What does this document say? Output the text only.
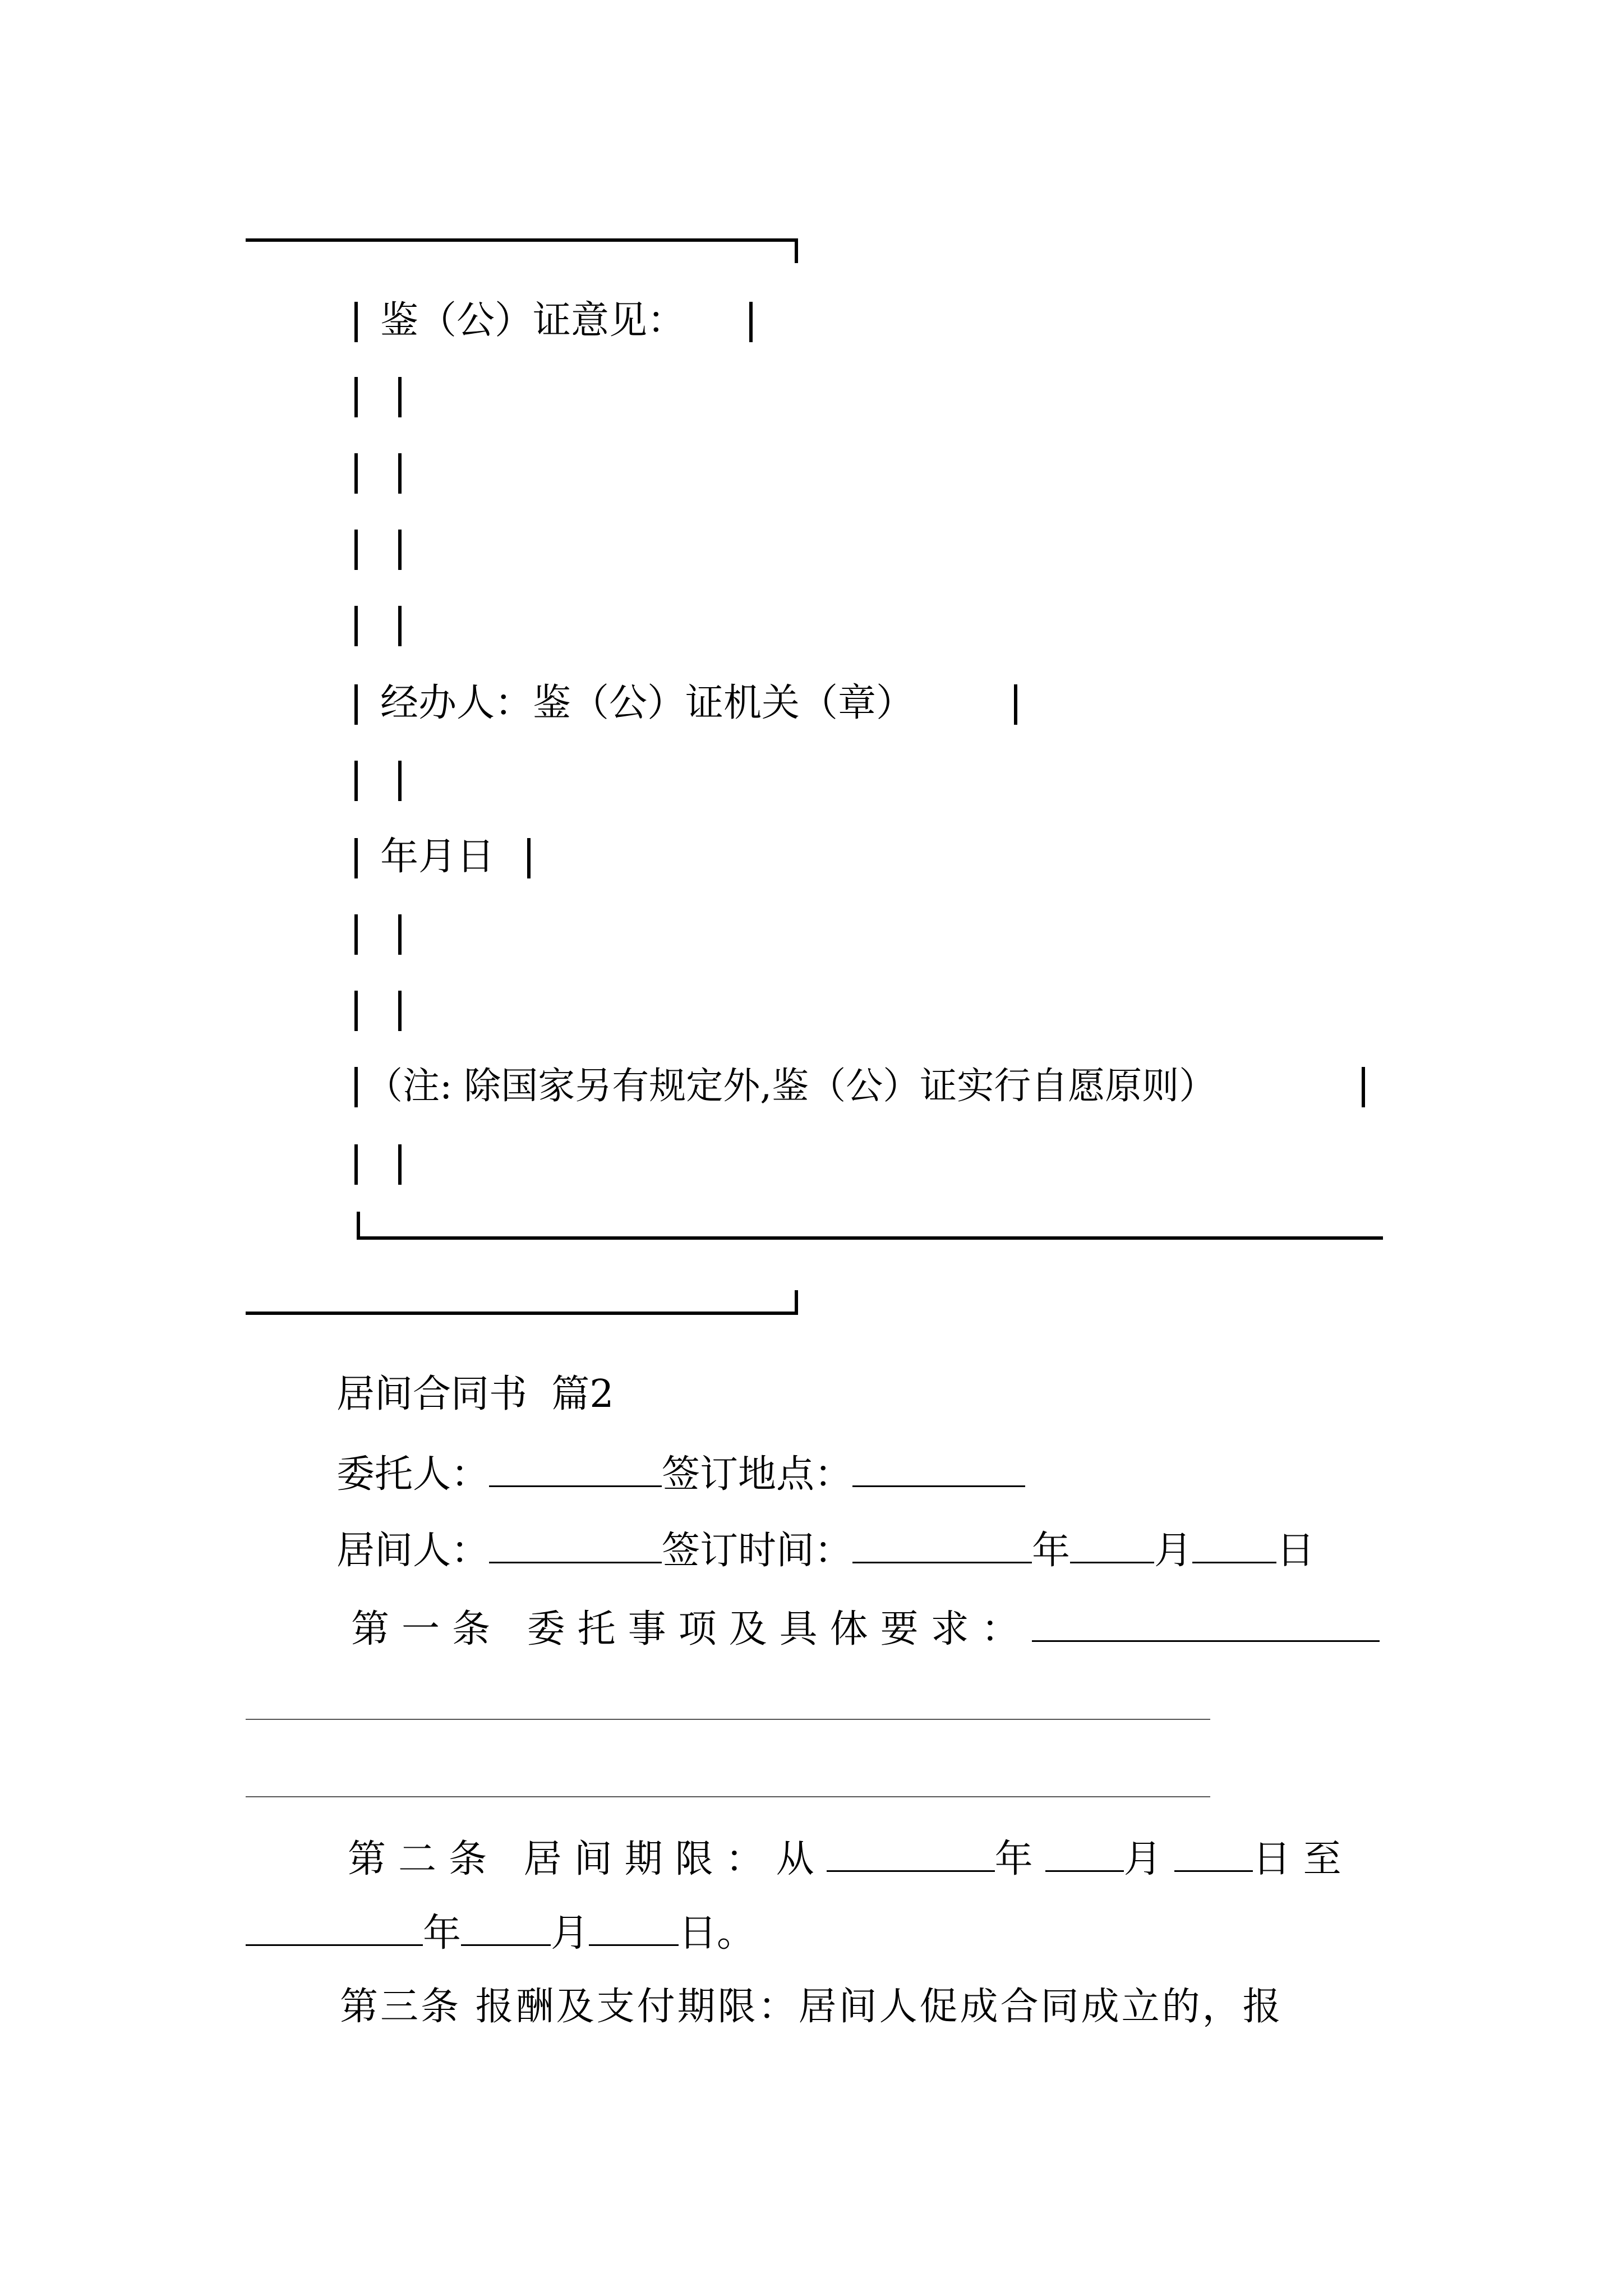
鉴（公）证意见：
经办人：鉴（公）证机关（章）
年月日
（注: 除国家另有规定外,鉴（公）证实行自愿原则）
居间合同书 篇2
委托人：	签订地点：
居间人：	签订时间：	年 月 日
第一条 委托事项及具体要求：
第二条 居间期限：从	年 月 日至
年 月 日。
第三条 报酬及支付期限：居间人促成合同成立的，报
